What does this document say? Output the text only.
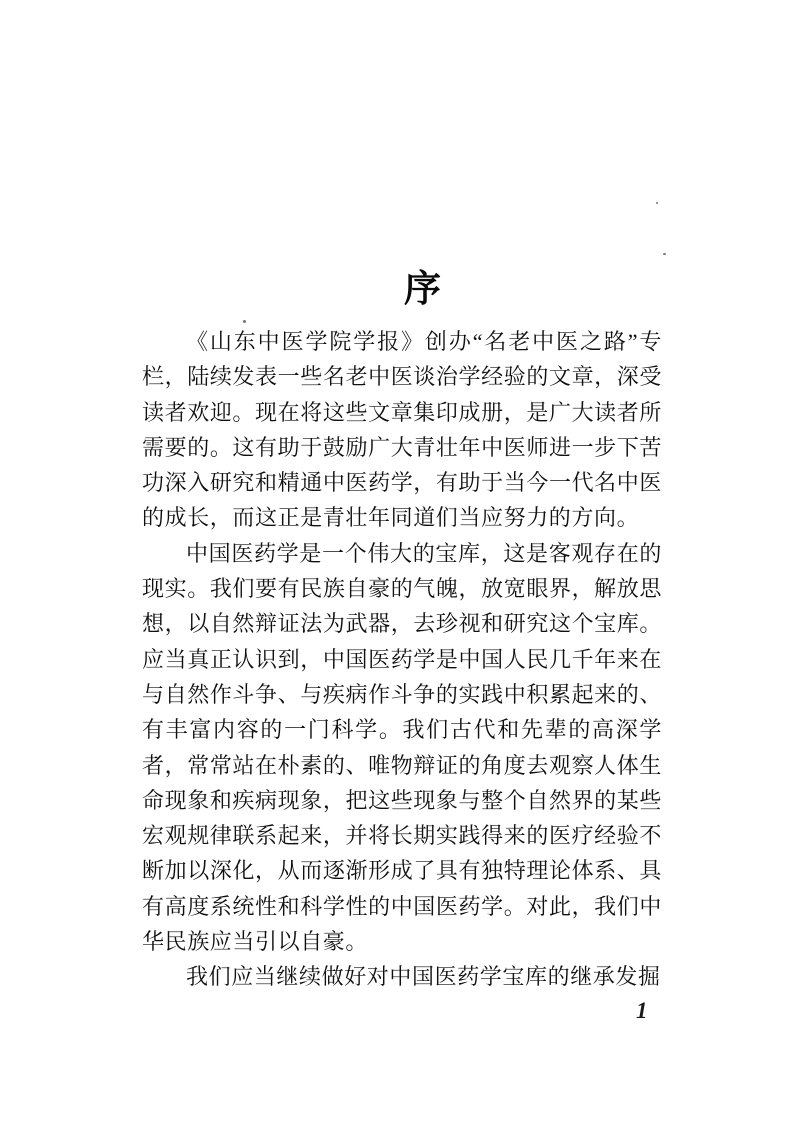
序

《山东中医学院学报》创办“名老中医之路”专栏，陆续发表一些名老中医谈治学经验的文章，深受读者欢迎。现在将这些文章集印成册，是广大读者所需要的。这有助于鼓励广大青壮年中医师进一步下苦功深入研究和精通中医药学，有助于当今一代名中医的成长，而这正是青壮年同道们当应努力的方向。

中国医药学是一个伟大的宝库，这是客观存在的现实。我们要有民族自豪的气魄，放宽眼界，解放思想，以自然辩证法为武器，去珍视和研究这个宝库。应当真正认识到，中国医药学是中国人民几千年来在与自然作斗争、与疾病作斗争的实践中积累起来的、有丰富内容的一门科学。我们古代和先辈的高深学者，常常站在朴素的、唯物辩证的角度去观察人体生命现象和疾病现象，把这些现象与整个自然界的某些宏观规律联系起来，并将长期实践得来的医疗经验不断加以深化，从而逐渐形成了具有独特理论体系、具有高度系统性和科学性的中国医药学。对此，我们中华民族应当引以自豪。

我们应当继续做好对中国医药学宝库的继承发掘

1
